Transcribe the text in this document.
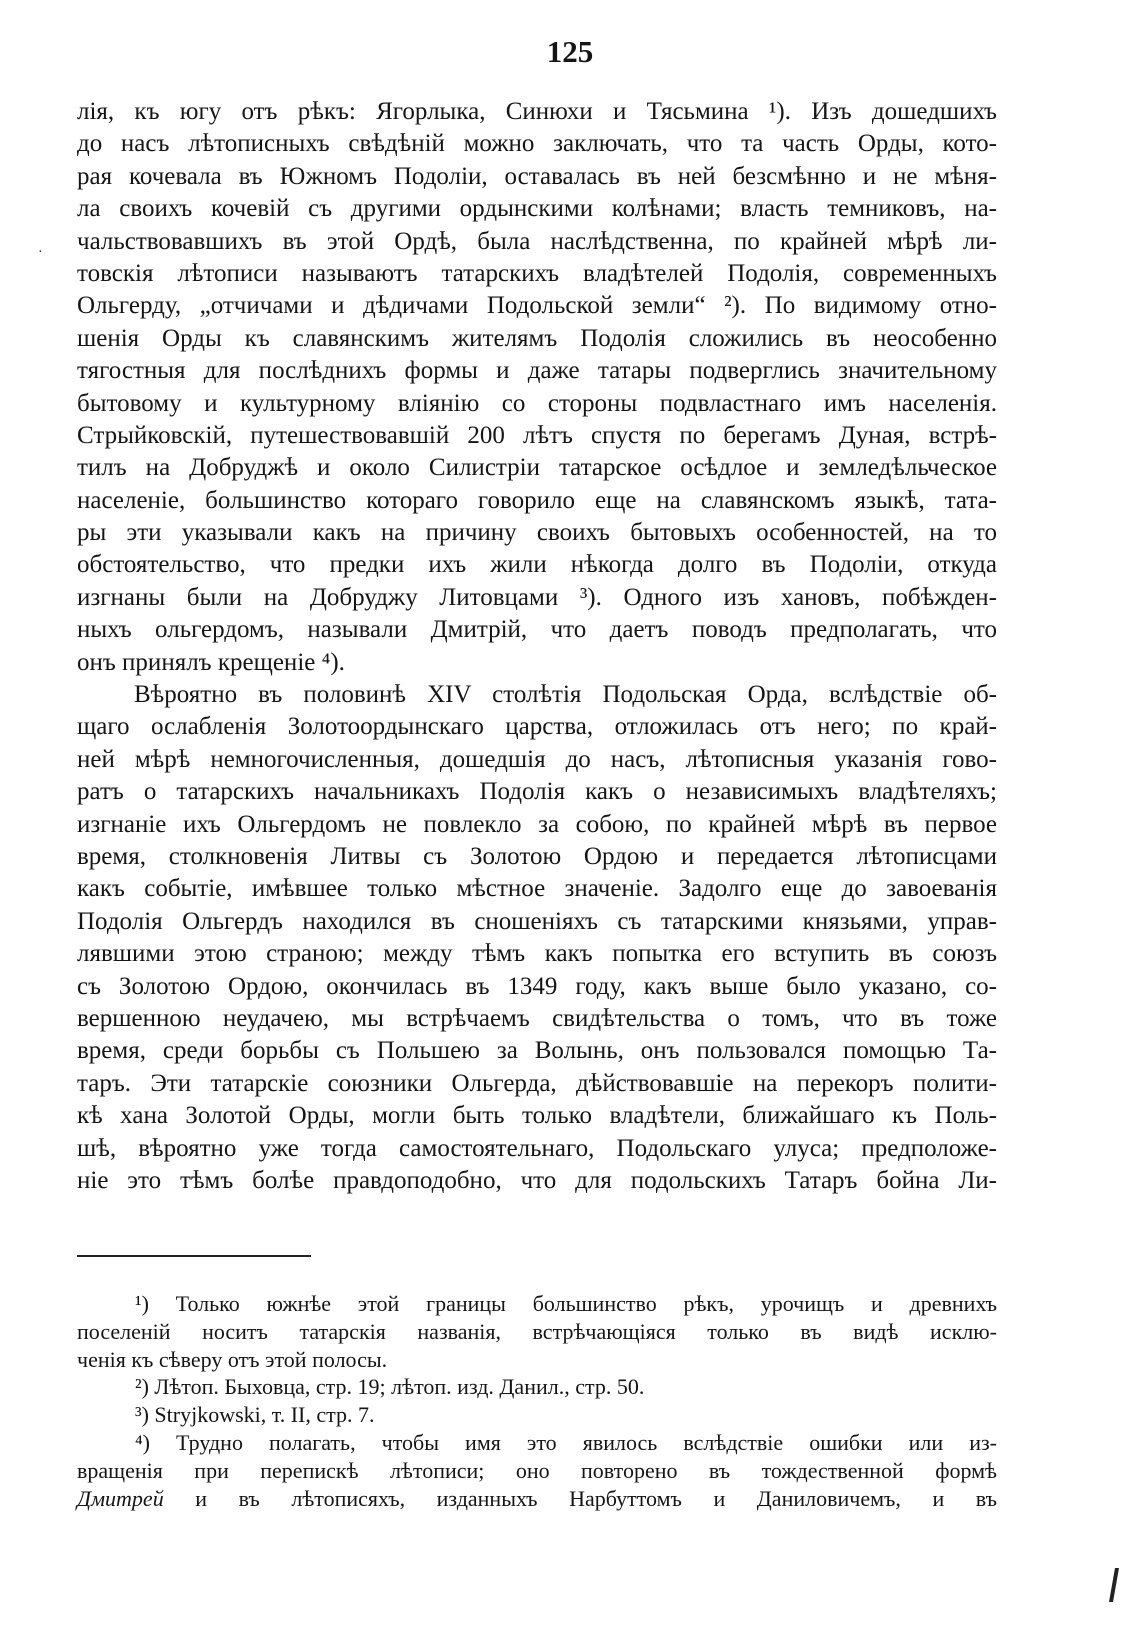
125
·
лія, къ югу отъ рѣкъ: Ягорлыка, Синюхи и Тясьмина ¹). Изъ дошедшихъ
до насъ лѣтописныхъ свѣдѣній можно заключать, что та часть Орды, кото-
рая кочевала въ Южномъ Подоліи, оставалась въ ней безсмѣнно и не мѣня-
ла своихъ кочевій съ другими ордынскими колѣнами; власть темниковъ, на-
чальствовавшихъ въ этой Ордѣ, была наслѣдственна, по крайней мѣрѣ ли-
товскія лѣтописи называютъ татарскихъ владѣтелей Подолія, современныхъ
Ольгерду, „отчичами и дѣдичами Подольской земли“ ²). По видимому отно-
шенія Орды къ славянскимъ жителямъ Подолія сложились въ неособенно
тягостныя для послѣднихъ формы и даже татары подверглись значительному
бытовому и культурному вліянію со стороны подвластнаго имъ населенія.
Стрыйковскій, путешествовавшій 200 лѣтъ спустя по берегамъ Дуная, встрѣ-
тилъ на Добруджѣ и около Силистріи татарское осѣдлое и земледѣльческое
населеніе, большинство котораго говорило еще на славянскомъ языкѣ, тата-
ры эти указывали какъ на причину своихъ бытовыхъ особенностей, на то
обстоятельство, что предки ихъ жили нѣкогда долго въ Подоліи, откуда
изгнаны были на Добруджу Литовцами ³). Одного изъ хановъ, побѣжден-
ныхъ ольгердомъ, называли Дмитрій, что даетъ поводъ предполагать, что
онъ принялъ крещеніе ⁴).
Вѣроятно въ половинѣ XIV столѣтія Подольская Орда, вслѣдствіе об-
щаго ослабленія Золотоордынскаго царства, отложилась отъ него; по край-
ней мѣрѣ немногочисленныя, дошедшія до насъ, лѣтописныя указанія гово-
ратъ о татарскихъ начальникахъ Подолія какъ о независимыхъ владѣтеляхъ;
изгнаніе ихъ Ольгердомъ не повлекло за собою, по крайней мѣрѣ въ первое
время, столкновенія Литвы съ Золотою Ордою и передается лѣтописцами
какъ событіе, имѣвшее только мѣстное значеніе. Задолго еще до завоеванія
Подолія Ольгердъ находился въ сношеніяхъ съ татарскими князьями, управ-
лявшими этою страною; между тѣмъ какъ попытка его вступить въ союзъ
съ Золотою Ордою, окончилась въ 1349 году, какъ выше было указано, со-
вершенною неудачею, мы встрѣчаемъ свидѣтельства о томъ, что въ тоже
время, среди борьбы съ Польшею за Волынь, онъ пользовался помощью Та-
таръ. Эти татарскіе союзники Ольгерда, дѣйствовавшіе на перекоръ полити-
кѣ хана Золотой Орды, могли быть только владѣтели, ближайшаго къ Поль-
шѣ, вѣроятно уже тогда самостоятельнаго, Подольскаго улуса; предположе-
ніе это тѣмъ болѣе правдоподобно, что для подольскихъ Татаръ бойна Ли-
¹) Только южнѣе этой границы большинство рѣкъ, урочищъ и древнихъ
поселеній носитъ татарскія названія, встрѣчающіяся только въ видѣ исклю-
ченія къ сѣверу отъ этой полосы.
²) Лѣтоп. Быховца, стр. 19; лѣтоп. изд. Данил., стр. 50.
³) Stryjkowski, т. II, стр. 7.
⁴) Трудно полагать, чтобы имя это явилось вслѣдствіе ошибки или из-
вращенія при перепискѣ лѣтописи; оно повторено въ тождественной формѣ
Дмитрей и въ лѣтописяхъ, изданныхъ Нарбуттомъ и Даниловичемъ, и въ
